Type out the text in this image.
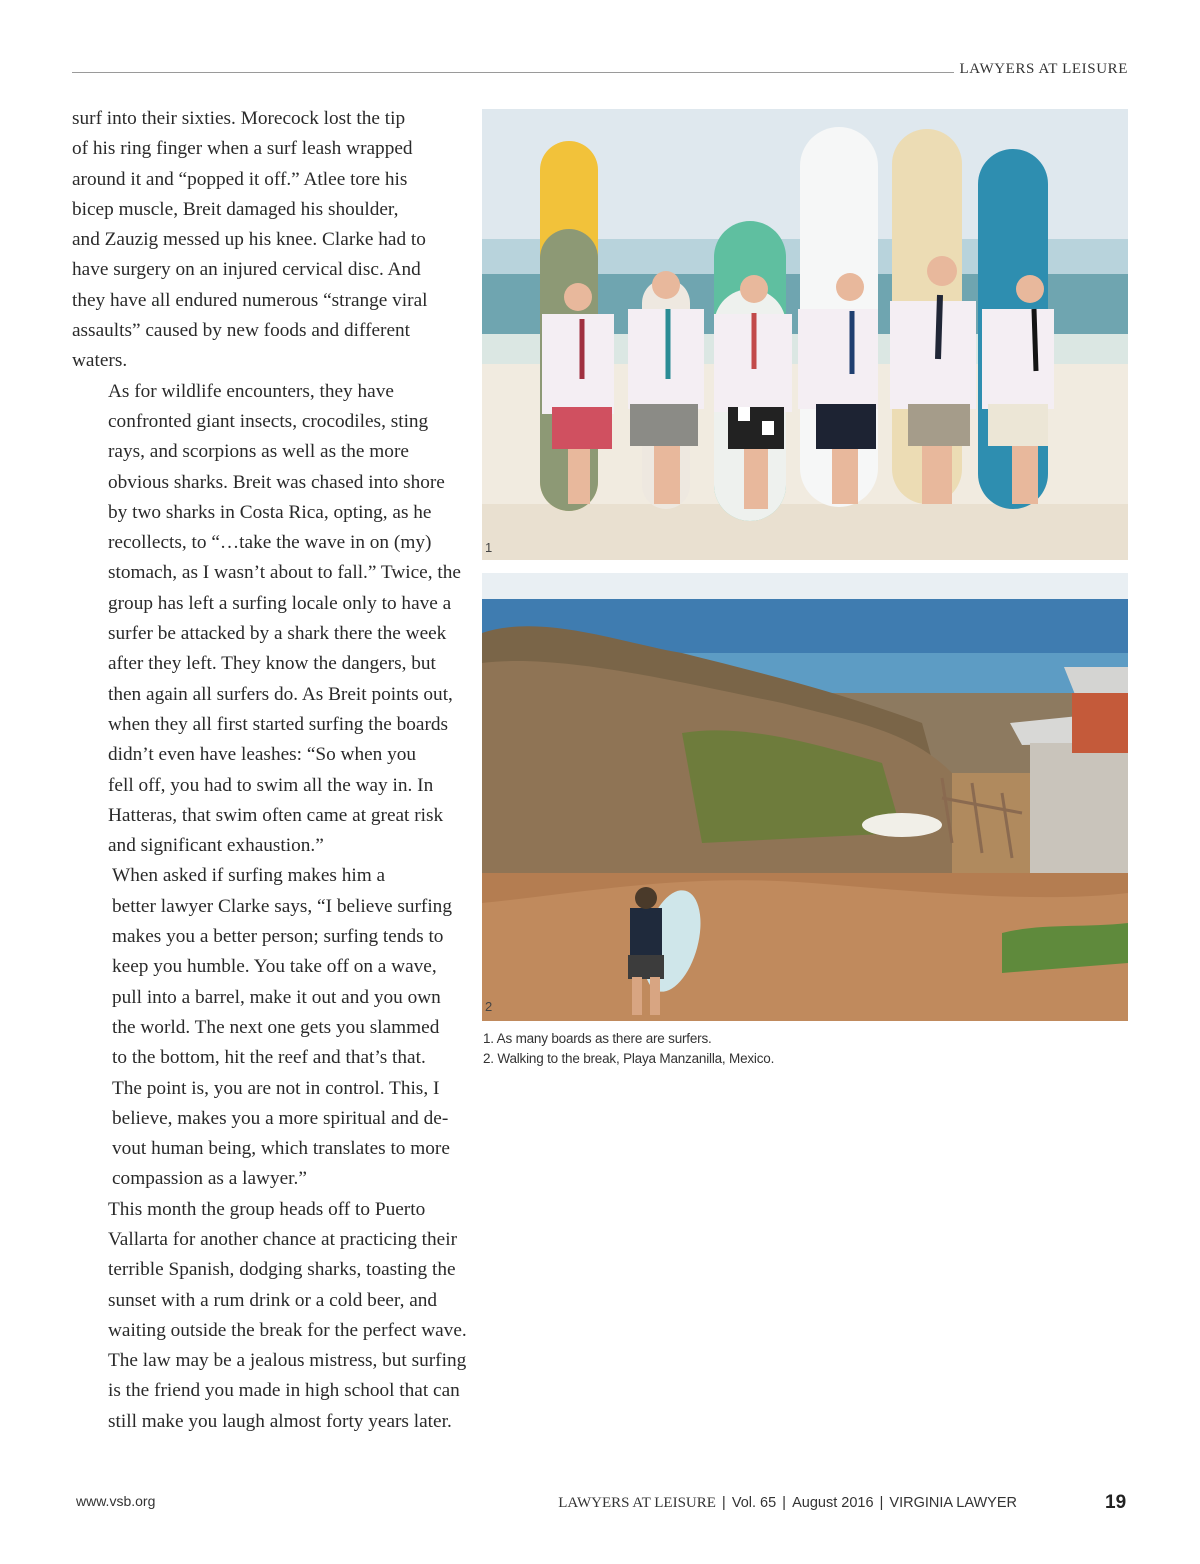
LAWYERS AT LEISURE

surf into their sixties. Morecock lost the tip
of his ring finger when a surf leash wrapped
around it and “popped it off.” Atlee tore his
bicep muscle, Breit damaged his shoulder,
and Zauzig messed up his knee. Clarke had to
have surgery on an injured cervical disc. And
they have all endured numerous “strange viral
assaults” caused by new foods and different
waters.

As for wildlife encounters, they have
confronted giant insects, crocodiles, sting
rays, and scorpions as well as the more
obvious sharks. Breit was chased into shore
by two sharks in Costa Rica, opting, as he
recollects, to “…take the wave in on (my)
stomach, as I wasn’t about to fall.” Twice, the
group has left a surfing locale only to have a
surfer be attacked by a shark there the week
after they left. They know the dangers, but
then again all surfers do. As Breit points out,
when they all first started surfing the boards
didn’t even have leashes: “So when you
fell off, you had to swim all the way in. In
Hatteras, that swim often came at great risk
and significant exhaustion.”

When asked if surfing makes him a
better lawyer Clarke says, “I believe surfing
makes you a better person; surfing tends to
keep you humble. You take off on a wave,
pull into a barrel, make it out and you own
the world. The next one gets you slammed
to the bottom, hit the reef and that’s that.
The point is, you are not in control. This, I
believe, makes you a more spiritual and de-
vout human being, which translates to more
compassion as a lawyer.”

This month the group heads off to Puerto
Vallarta for another chance at practicing their
terrible Spanish, dodging sharks, toasting the
sunset with a rum drink or a cold beer, and
waiting outside the break for the perfect wave.
The law may be a jealous mistress, but surfing
is the friend you made in high school that can
still make you laugh almost forty years later.

1
2
1. As many boards as there are surfers.
2. Walking to the break, Playa Manzanilla, Mexico.
www.vsb.org	LAWYERS AT LEISURE | Vol. 65 | August 2016 | VIRGINIA LAWYER	19
